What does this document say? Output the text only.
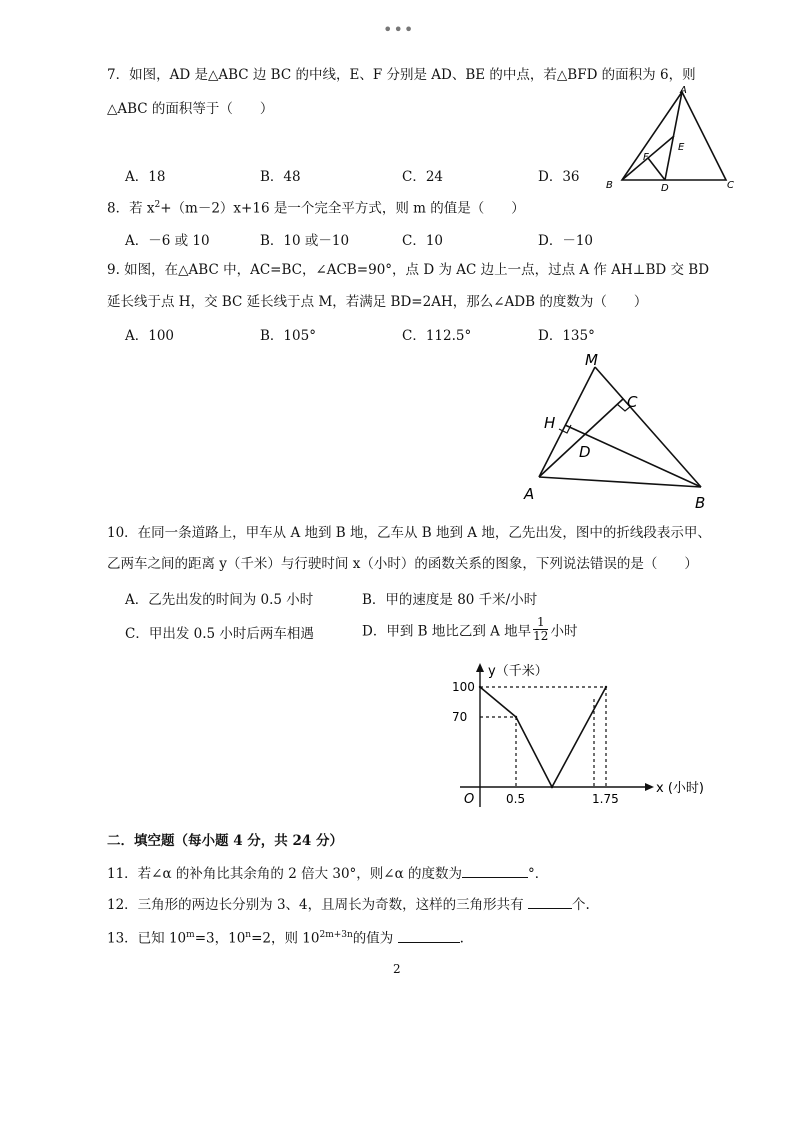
•••
7．如图，AD 是△ABC 边 BC 的中线，E、F 分别是 AD、BE 的中点，若△BFD 的面积为 6，则
△ABC 的面积等于（　　）
A．18	B．48	C．24	D．36
A
B	C
D
E
F
8．若 $x^2+(m-2)x+16$ 是一个完全平方式，则 m 的值是（　　）
A．－6 或 10	B．10 或－10	C．10	D．－10
9. 如图，在△ABC 中，AC=BC，∠ACB=90°，点 D 为 AC 边上一点，过点 A 作 AH⊥BD 交 BD
延长线于点 H，交 BC 延长线于点 M，若满足 BD=2AH，那么∠ADB 的度数为（　　）
A．100	B．105°	C．112.5°	D．135°
M
C
H
D
A	B
10．在同一条道路上，甲车从 A 地到 B 地，乙车从 B 地到 A 地，乙先出发，图中的折线段表示甲、
乙两车之间的距离 y（千米）与行驶时间 x（小时）的函数关系的图象，下列说法错误的是（　　）
A．乙先出发的时间为 0.5 小时	B．甲的速度是 80 千米/小时
C．甲出发 0.5 小时后两车相遇	D．甲到 B 地比乙到 A 地早 $\frac{1}{12}$ 小时
0.5	1.75
100
70
y（千米）
x (小时)
O
二．填空题（每小题 4 分，共 24 分）
11．若∠α 的补角比其余角的 2 倍大 30°，则∠α 的度数为	°．
12．三角形的两边长分别为 3、4，且周长为奇数，这样的三角形共有	个.
13．已知 $10^m=3$，$10^n=2$，则 $10^{2m+3n}$的值为	.
2
